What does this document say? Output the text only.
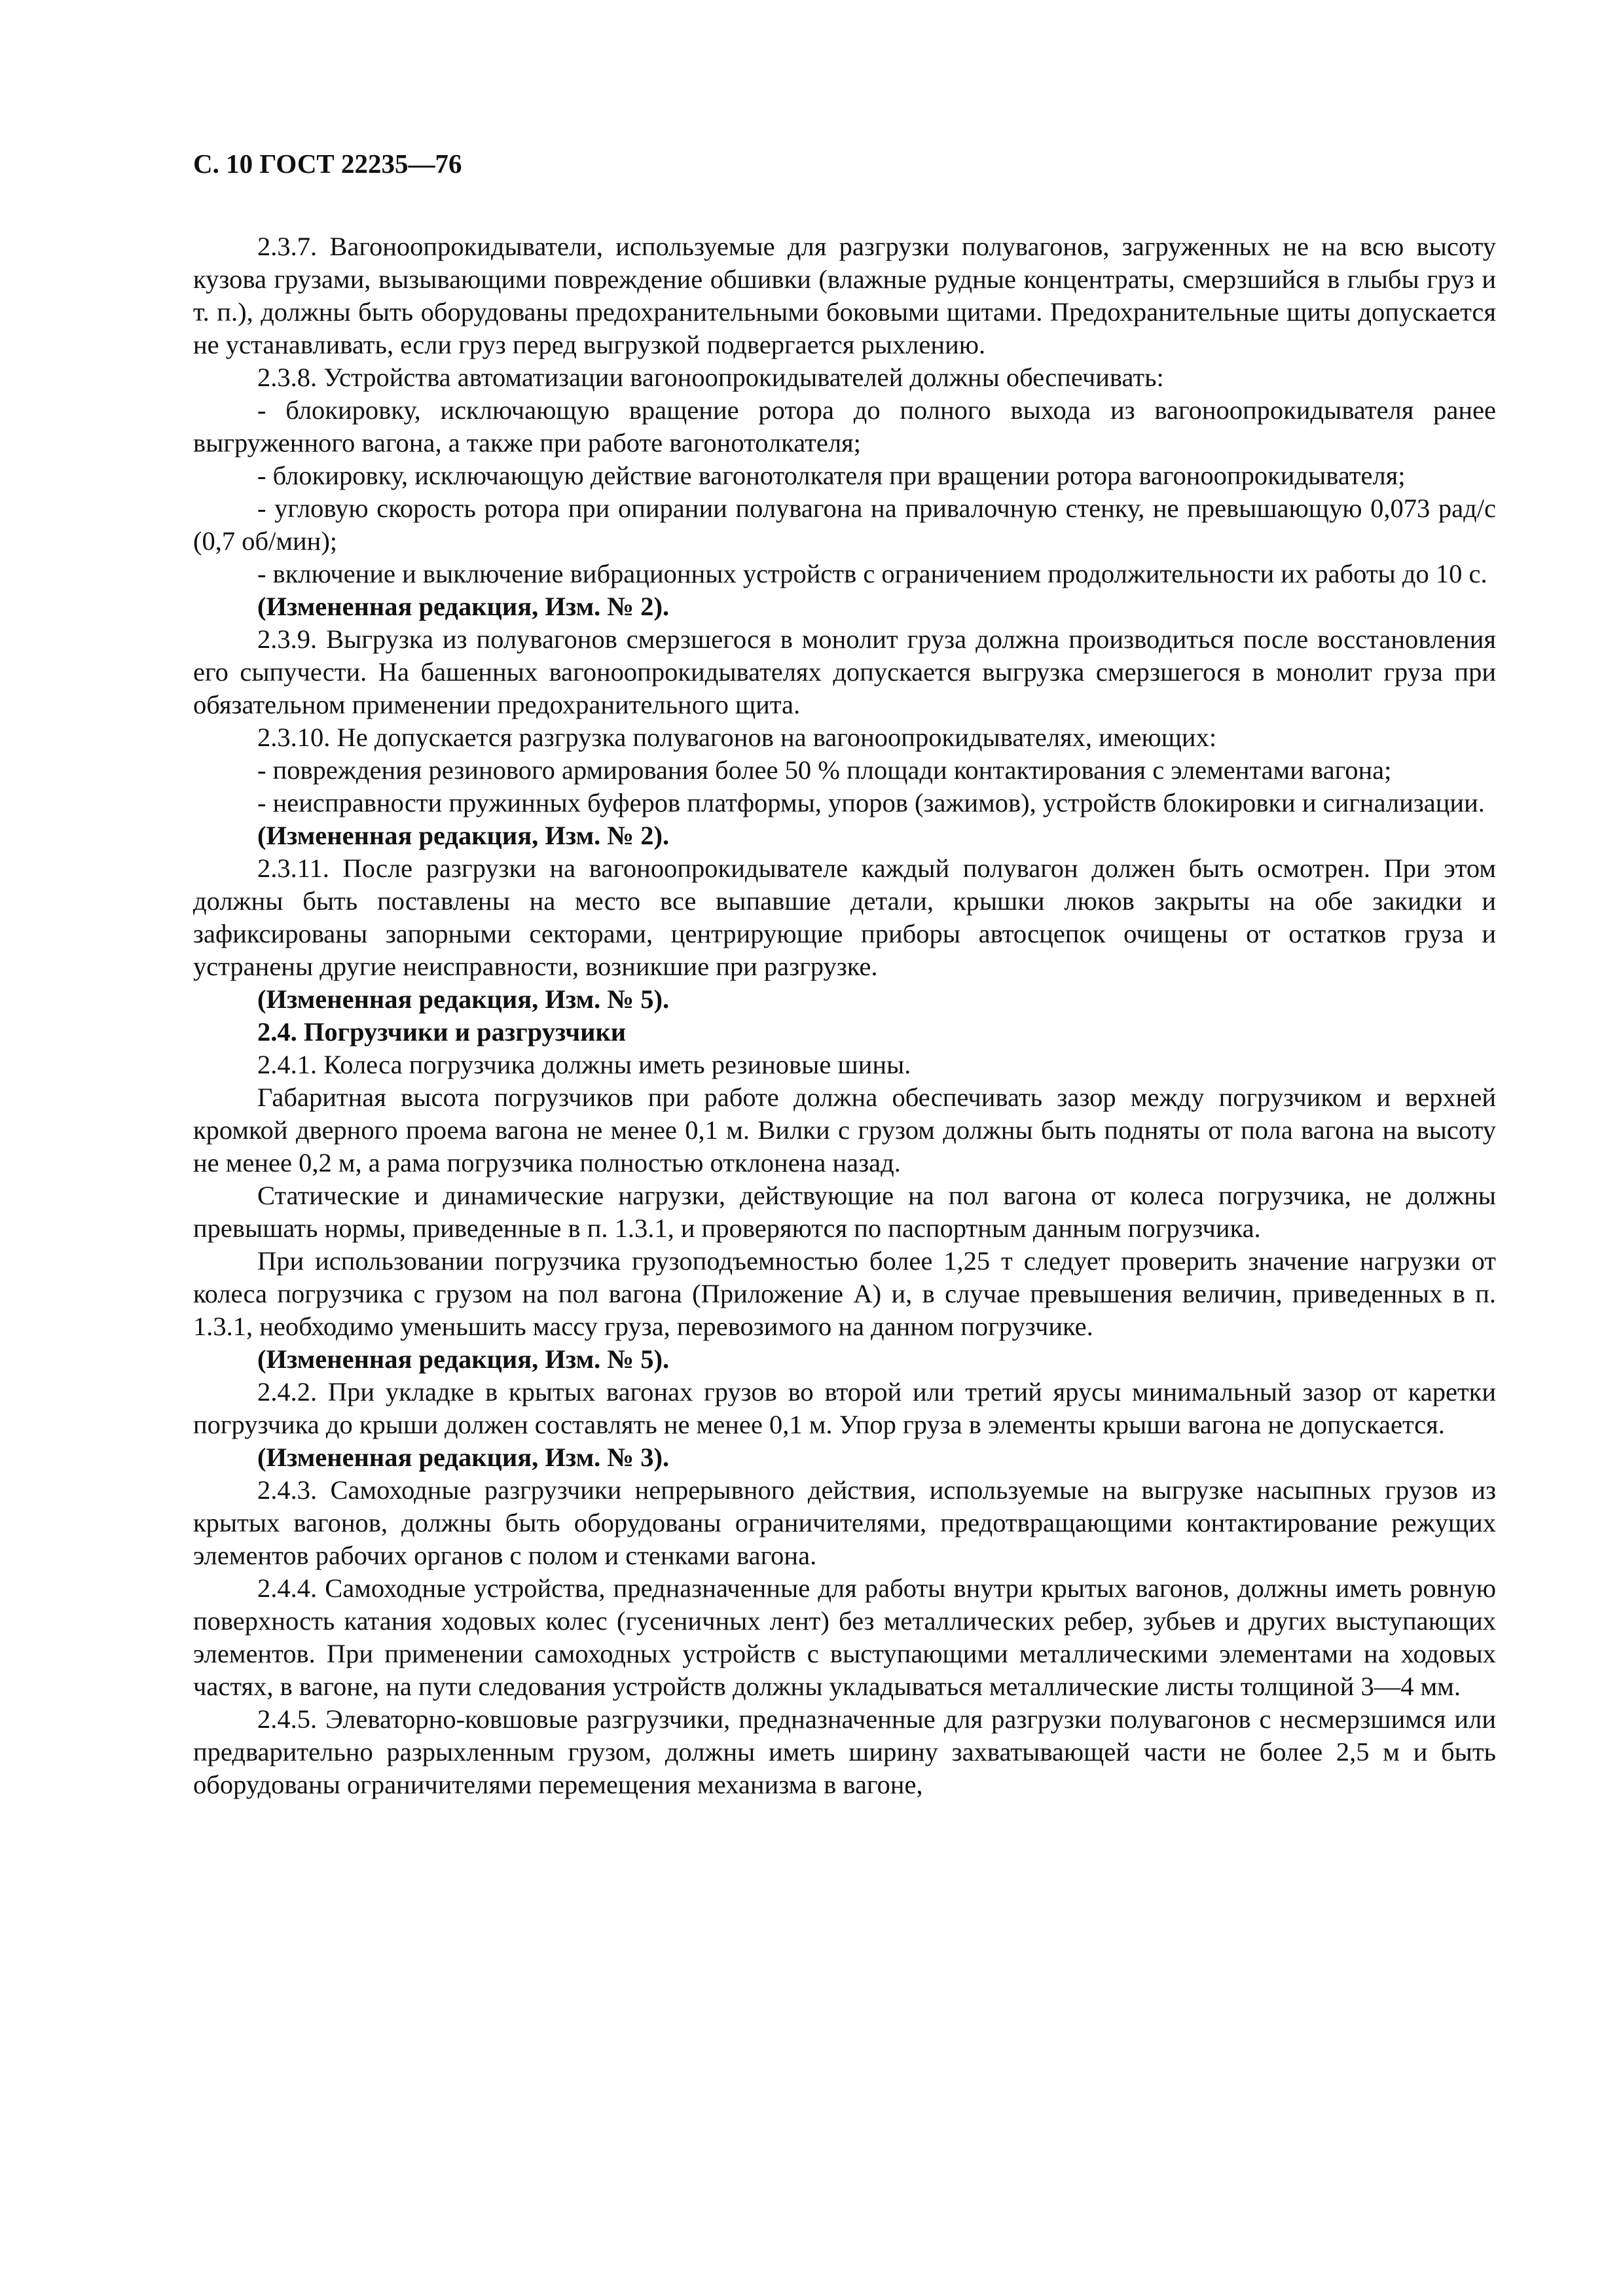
С. 10 ГОСТ 22235—76

2.3.7. Вагоноопрокидыватели, используемые для разгрузки полувагонов, загруженных не на всю высоту кузова грузами, вызывающими повреждение обшивки (влажные рудные концентраты, смерзшийся в глыбы груз и т. п.), должны быть оборудованы предохранительными боковыми щитами. Предохранительные щиты допускается не устанавливать, если груз перед выгрузкой подвергается рыхлению.

2.3.8. Устройства автоматизации вагоноопрокидывателей должны обеспечивать:

- блокировку, исключающую вращение ротора до полного выхода из вагоноопрокидывателя ранее выгруженного вагона, а также при работе вагонотолкателя;

- блокировку, исключающую действие вагонотолкателя при вращении ротора вагоноопрокидывателя;

- угловую скорость ротора при опирании полувагона на привалочную стенку, не превышающую 0,073 рад/с (0,7 об/мин);

- включение и выключение вибрационных устройств с ограничением продолжительности их работы до 10 с.

(Измененная редакция, Изм. № 2).

2.3.9. Выгрузка из полувагонов смерзшегося в монолит груза должна производиться после восстановления его сыпучести. На башенных вагоноопрокидывателях допускается выгрузка смерзшегося в монолит груза при обязательном применении предохранительного щита.

2.3.10. Не допускается разгрузка полувагонов на вагоноопрокидывателях, имеющих:

- повреждения резинового армирования более 50 % площади контактирования с элементами вагона;

- неисправности пружинных буферов платформы, упоров (зажимов), устройств блокировки и сигнализации.

(Измененная редакция, Изм. № 2).

2.3.11. После разгрузки на вагоноопрокидывателе каждый полувагон должен быть осмотрен. При этом должны быть поставлены на место все выпавшие детали, крышки люков закрыты на обе закидки и зафиксированы запорными секторами, центрирующие приборы автосцепок очищены от остатков груза и устранены другие неисправности, возникшие при разгрузке.

(Измененная редакция, Изм. № 5).

2.4. Погрузчики и разгрузчики

2.4.1. Колеса погрузчика должны иметь резиновые шины.

Габаритная высота погрузчиков при работе должна обеспечивать зазор между погрузчиком и верхней кромкой дверного проема вагона не менее 0,1 м. Вилки с грузом должны быть подняты от пола вагона на высоту не менее 0,2 м, а рама погрузчика полностью отклонена назад.

Статические и динамические нагрузки, действующие на пол вагона от колеса погрузчика, не должны превышать нормы, приведенные в п. 1.3.1, и проверяются по паспортным данным погрузчика.

При использовании погрузчика грузоподъемностью более 1,25 т следует проверить значение нагрузки от колеса погрузчика с грузом на пол вагона (Приложение А) и, в случае превышения величин, приведенных в п. 1.3.1, необходимо уменьшить массу груза, перевозимого на данном погрузчике.

(Измененная редакция, Изм. № 5).

2.4.2. При укладке в крытых вагонах грузов во второй или третий ярусы минимальный зазор от каретки погрузчика до крыши должен составлять не менее 0,1 м. Упор груза в элементы крыши вагона не допускается.

(Измененная редакция, Изм. № 3).

2.4.3. Самоходные разгрузчики непрерывного действия, используемые на выгрузке насыпных грузов из крытых вагонов, должны быть оборудованы ограничителями, предотвращающими контактирование режущих элементов рабочих органов с полом и стенками вагона.

2.4.4. Самоходные устройства, предназначенные для работы внутри крытых вагонов, должны иметь ровную поверхность катания ходовых колес (гусеничных лент) без металлических ребер, зубьев и других выступающих элементов. При применении самоходных устройств с выступающими металлическими элементами на ходовых частях, в вагоне, на пути следования устройств должны укладываться металлические листы толщиной 3—4 мм.

2.4.5. Элеваторно-ковшовые разгрузчики, предназначенные для разгрузки полувагонов с несмерзшимся или предварительно разрыхленным грузом, должны иметь ширину захватывающей части не более 2,5 м и быть оборудованы ограничителями перемещения механизма в вагоне,
